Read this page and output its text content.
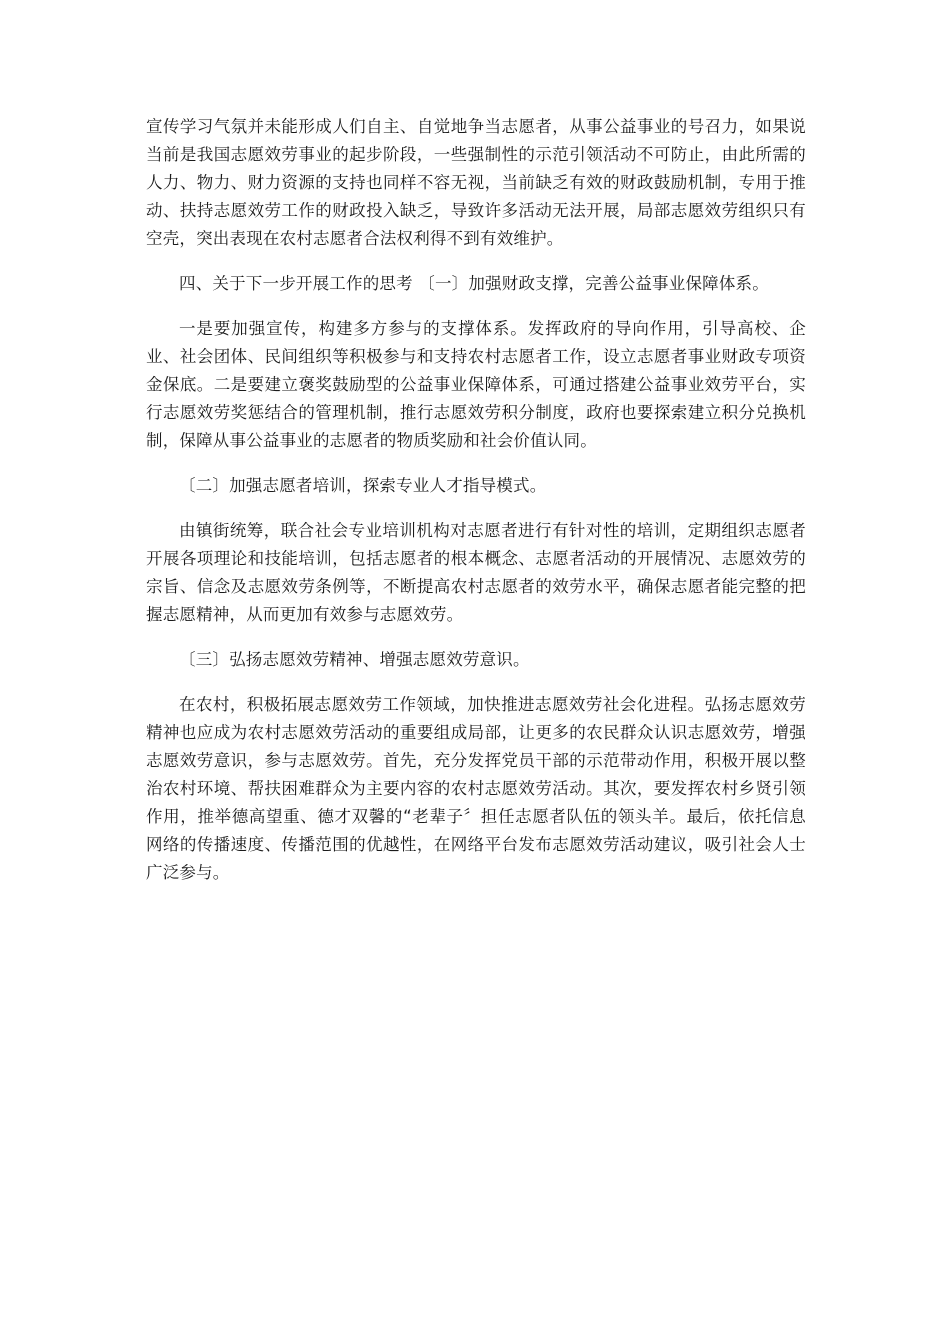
宣传学习气氛并未能形成人们自主、自觉地争当志愿者，从事公益事业的号召力，如果说当前是我国志愿效劳事业的起步阶段，一些强制性的示范引领活动不可防止，由此所需的人力、物力、财力资源的支持也同样不容无视，当前缺乏有效的财政鼓励机制，专用于推动、扶持志愿效劳工作的财政投入缺乏，导致许多活动无法开展，局部志愿效劳组织只有空壳，突出表现在农村志愿者合法权利得不到有效维护。

四、关于下一步开展工作的思考 〔一〕加强财政支撑，完善公益事业保障体系。

一是要加强宣传，构建多方参与的支撑体系。发挥政府的导向作用，引导高校、企业、社会团体、民间组织等积极参与和支持农村志愿者工作，设立志愿者事业财政专项资金保底。二是要建立褒奖鼓励型的公益事业保障体系，可通过搭建公益事业效劳平台，实行志愿效劳奖惩结合的管理机制，推行志愿效劳积分制度，政府也要探索建立积分兑换机制，保障从事公益事业的志愿者的物质奖励和社会价值认同。

〔二〕加强志愿者培训，探索专业人才指导模式。

由镇街统筹，联合社会专业培训机构对志愿者进行有针对性的培训，定期组织志愿者开展各项理论和技能培训，包括志愿者的根本概念、志愿者活动的开展情况、志愿效劳的宗旨、信念及志愿效劳条例等，不断提高农村志愿者的效劳水平，确保志愿者能完整的把握志愿精神，从而更加有效参与志愿效劳。

〔三〕弘扬志愿效劳精神、增强志愿效劳意识。

在农村，积极拓展志愿效劳工作领域，加快推进志愿效劳社会化进程。弘扬志愿效劳精神也应成为农村志愿效劳活动的重要组成局部，让更多的农民群众认识志愿效劳，增强志愿效劳意识，参与志愿效劳。首先，充分发挥党员干部的示范带动作用，积极开展以整治农村环境、帮扶困难群众为主要内容的农村志愿效劳活动。其次，要发挥农村乡贤引领作用，推举德高望重、德才双馨的“老辈子〞担任志愿者队伍的领头羊。最后，依托信息网络的传播速度、传播范围的优越性，在网络平台发布志愿效劳活动建议，吸引社会人士广泛参与。
